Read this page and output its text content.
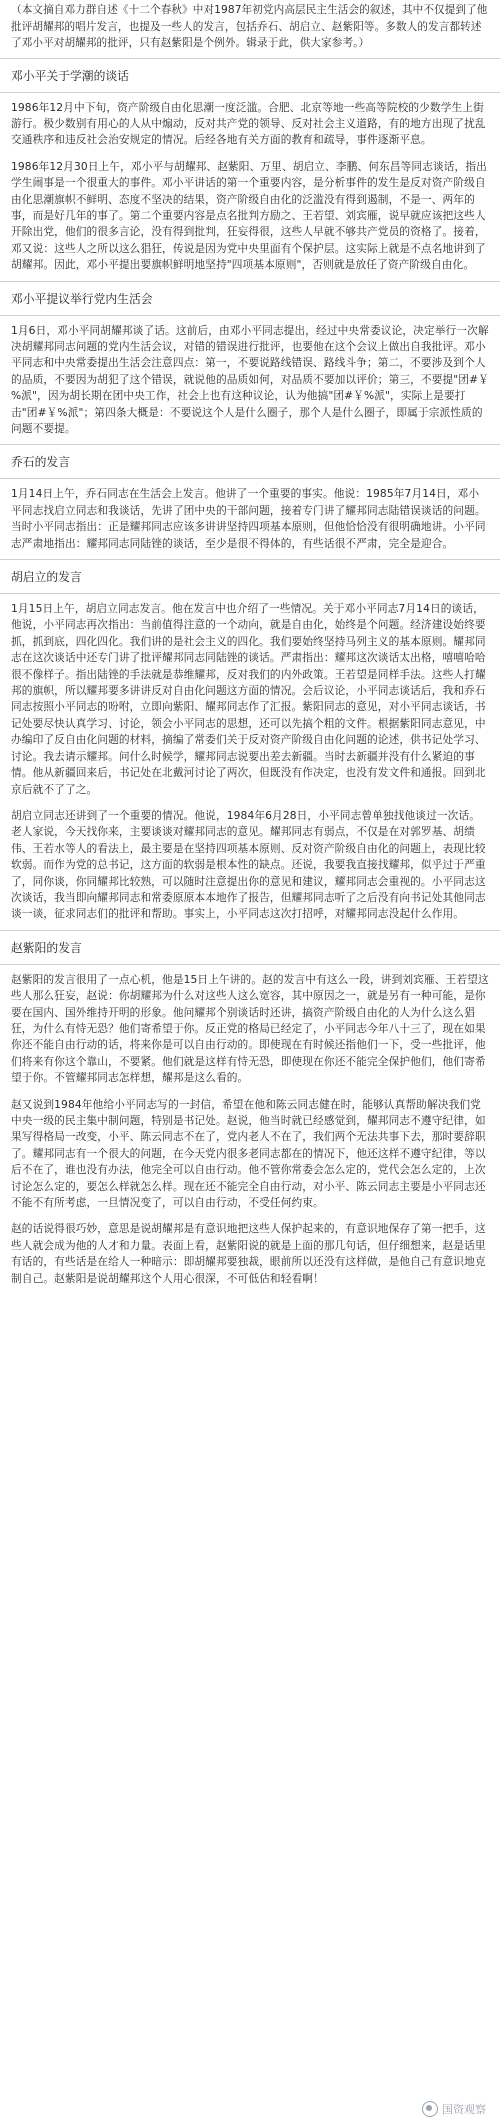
（本文摘自邓力群自述《十二个春秋》中对1987年初党内高层民主生活会的叙述，其中不仅提到了他批评胡耀邦的唱片发言，也提及一些人的发言，包括乔石、胡启立、赵紫阳等。多数人的发言都转述了邓小平对胡耀邦的批评，只有赵紫阳是个例外。辑录于此，供大家参考。）

邓小平关于学潮的谈话

1986年12月中下旬，资产阶级自由化思潮一度泛滥。合肥、北京等地一些高等院校的少数学生上街游行。极少数别有用心的人从中煽动，反对共产党的领导、反对社会主义道路，有的地方出现了扰乱交通秩序和违反社会治安规定的情况。后经各地有关方面的教育和疏导，事件逐渐平息。

1986年12月30日上午，邓小平与胡耀邦、赵紫阳、万里、胡启立、李鹏、何东昌等同志谈话，指出学生闹事是一个很重大的事件。邓小平讲话的第一个重要内容，是分析事件的发生是反对资产阶级自由化思潮旗帜不鲜明、态度不坚决的结果，资产阶级自由化的泛滥没有得到遏制，不是一、两年的事，而是好几年的事了。第二个重要内容是点名批判方励之、王若望、刘宾雁，说早就应该把这些人开除出党，他们的很多言论，没有得到批判，狂妄得很，这些人早就不够共产党员的资格了。接着，邓又说：这些人之所以这么猖狂，传说是因为党中央里面有个保护层。这实际上就是不点名地讲到了胡耀邦。因此，邓小平提出要旗帜鲜明地坚持"四项基本原则"，否则就是放任了资产阶级自由化。

邓小平提议举行党内生活会

1月6日，邓小平同胡耀邦谈了话。这前后，由邓小平同志提出，经过中央常委议论，决定举行一次解决胡耀邦同志问题的党内生活会议，对错的错误进行批评，也要他在这个会议上做出自我批评。邓小平同志和中央常委提出生活会注意四点：第一，不要说路线错误、路线斗争；第二，不要涉及到个人的品质，不要因为胡犯了这个错误，就说他的品质如何，对品质不要加以评价；第三，不要提"团#￥%派"，因为胡长期在团中央工作，社会上也有这种议论，认为他搞"团#￥%派"，实际上是要打击"团#￥%派"；第四条大概是：不要说这个人是什么圈子，那个人是什么圈子，即属于宗派性质的问题不要提。

乔石的发言

1月14日上午，乔石同志在生活会上发言。他讲了一个重要的事实。他说：1985年7月14日，邓小平同志找启立同志和我谈话，先讲了团中央的干部问题，接着专门讲了耀邦同志陆错误谈话的问题。当时小平同志指出：正是耀邦同志应该多讲讲坚持四项基本原则，但他恰恰没有很明确地讲。小平同志严肃地指出：耀邦同志同陆锉的谈话，至少是很不得体的，有些话很不严肃，完全是迎合。

胡启立的发言

1月15日上午，胡启立同志发言。他在发言中也介绍了一些情况。关于邓小平同志7月14日的谈话，他说，小平同志再次指出：当前值得注意的一个动向，就是自由化，始终是个问题。经济建设始终要抓，抓到底，四化四化。我们讲的是社会主义的四化。我们要始终坚持马列主义的基本原则。耀邦同志在这次谈话中还专门讲了批评耀邦同志同陆锉的谈话。严肃指出：耀邦这次谈话太出格，嘻嘻哈哈很不像样子。指出陆锉的手法就是恭维耀邦，反对我们的内外政策。王若望是同样手法。这些人打耀邦的旗帜，所以耀邦要多讲讲反对自由化问题这方面的情况。会后议论，小平同志谈话后，我和乔石同志按照小平同志的吩咐，立即向紫阳、耀邦同志作了汇报。紫阳同志的意见，对小平同志谈话，书记处要尽快认真学习、讨论，领会小平同志的思想，还可以先搞个粗的文件。根据紫阳同志意见，中办编印了反自由化问题的材料，摘编了常委们关于反对资产阶级自由化问题的论述，供书记处学习、讨论。我去请示耀邦。问什么时候学，耀邦同志说要出差去新疆。当时去新疆并没有什么紧迫的事情。他从新疆回来后，书记处在北戴河讨论了两次，但既没有作决定，也没有发文件和通报。回到北京后就不了了之。

胡启立同志还讲到了一个重要的情况。他说，1984年6月28日，小平同志曾单独找他谈过一次话。老人家说，今天找你来，主要谈谈对耀邦同志的意见。耀邦同志有弱点，不仅是在对郭罗基、胡绩伟、王若水等人的看法上，最主要是在坚持四项基本原则、反对资产阶级自由化的问题上，表现比较软弱。而作为党的总书记，这方面的软弱是根本性的缺点。还说，我要我直接找耀邦，似乎过于严重了，同你谈，你同耀邦比较熟，可以随时注意提出你的意见和建议，耀邦同志会重视的。小平同志这次谈话，我当即向耀邦同志和常委原原本本地作了报告，但耀邦同志听了之后没有向书记处其他同志谈一谈，征求同志们的批评和帮助。事实上，小平同志这次打招呼，对耀邦同志没起什么作用。

赵紫阳的发言

赵紫阳的发言很用了一点心机，他是15日上午讲的。赵的发言中有这么一段，讲到刘宾雁、王若望这些人那么狂妄，赵说：你胡耀邦为什么对这些人这么宽容，其中原因之一，就是另有一种可能，是你要在国内、国外维持开明的形象。他问耀邦个别谈话时还讲，搞资产阶级自由化的人为什么这么猖狂，为什么有恃无恐？他们寄希望于你。反正党的格局已经定了，小平同志今年八十三了，现在如果你还不能自由行动的话，将来你是可以自由行动的。即使现在有时候还指他们一下，受一些批评，他们将来有你这个靠山，不要紧。他们就是这样有恃无恐，即使现在你还不能完全保护他们，他们寄希望于你。不管耀邦同志怎样想，耀邦是这么看的。

赵又说到1984年他给小平同志写的一封信，希望在他和陈云同志健在时，能够认真帮助解决我们党中央一级的民主集中制问题，特别是书记处。赵说，他当时就已经感觉到，耀邦同志不遵守纪律，如果写得格局一改变，小平、陈云同志不在了，党内老人不在了，我们两个无法共事下去，那时要辞职了。耀邦同志有一个很大的问题，在今天党内很多老同志都在的情况下，他还这样不遵守纪律，等以后不在了，谁也没有办法，他完全可以自由行动。他不管你常委会怎么定的，党代会怎么定的，上次讨论怎么定的，要怎么样就怎么样。现在还不能完全自由行动，对小平、陈云同志主要是小平同志还不能不有所考虑，一旦情况变了，可以自由行动，不受任何约束。

赵的话说得很巧妙，意思是说胡耀邦是有意识地把这些人保护起来的，有意识地保存了第一把手，这些人就会成为他的人才和力量。表面上看，赵紫阳说的就是上面的那几句话，但仔细想来，赵是话里有话的，有些话是在给人一种暗示：即胡耀邦要独裁，眼前所以还没有这样做，是他自己有意识地克制自己。赵紫阳是说胡耀邦这个人用心很深，不可低估和轻看啊！

国资观察
